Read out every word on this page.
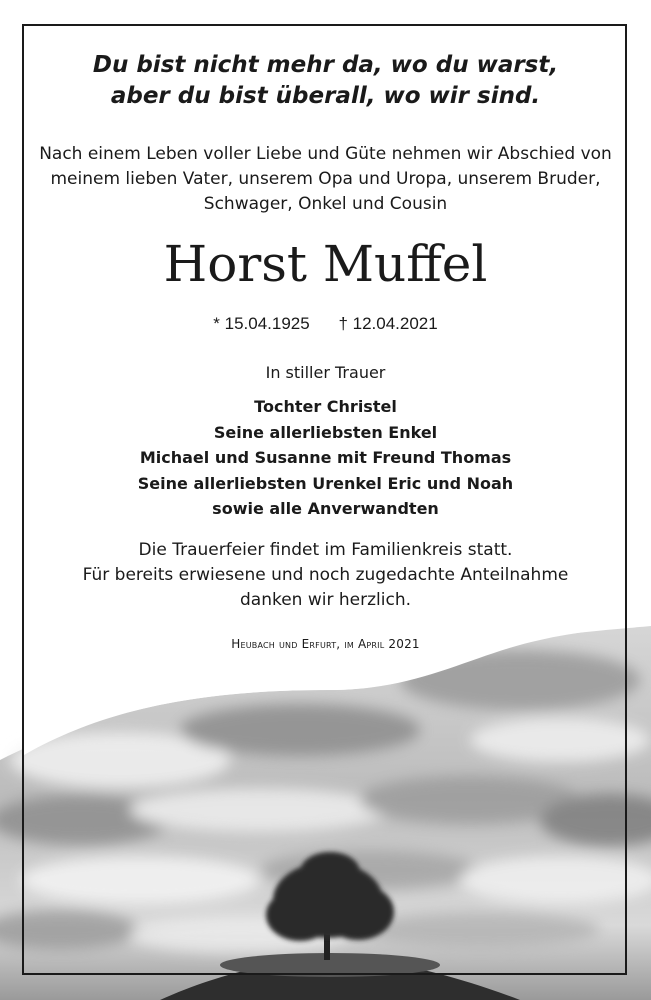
Du bist nicht mehr da, wo du warst,
aber du bist überall, wo wir sind.
Nach einem Leben voller Liebe und Güte nehmen wir Abschied von
meinem lieben Vater, unserem Opa und Uropa, unserem Bruder,
Schwager, Onkel und Cousin
Horst Muffel
* 15.04.1925 † 12.04.2021
In stiller Trauer
Tochter Christel
Seine allerliebsten Enkel
Michael und Susanne mit Freund Thomas
Seine allerliebsten Urenkel Eric und Noah
sowie alle Anverwandten
Die Trauerfeier findet im Familienkreis statt.
Für bereits erwiesene und noch zugedachte Anteilnahme
danken wir herzlich.
Heubach und Erfurt, im April 2021
